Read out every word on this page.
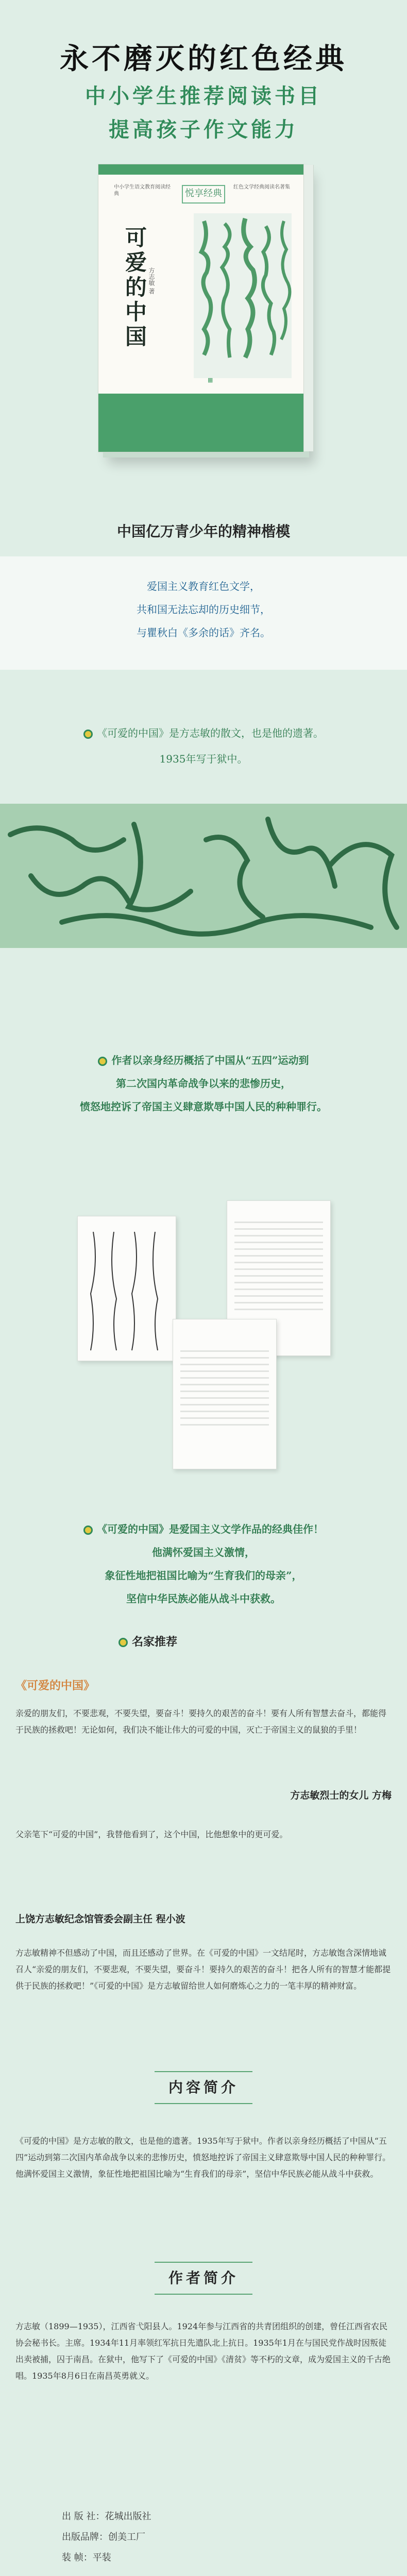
永不磨灭的红色经典
中小学生推荐阅读书目
提高孩子作文能力
中小学生语文教育阅读经典	悦享经典
红色文学经典阅读名著集
可爱的中国 方志敏 著
▦
中国亿万青少年的精神楷模
爱国主义教育红色文学，
共和国无法忘却的历史细节，
与瞿秋白《多余的话》齐名。
《可爱的中国》是方志敏的散文，也是他的遗著。
1935年写于狱中。
作者以亲身经历概括了中国从“五四”运动到
第二次国内革命战争以来的悲惨历史，
愤怒地控诉了帝国主义肆意欺辱中国人民的种种罪行。
《可爱的中国》是爱国主义文学作品的经典佳作！
他满怀爱国主义激情，
象征性地把祖国比喻为“生育我们的母亲”，
坚信中华民族必能从战斗中获救。
名家推荐
《可爱的中国》
亲爱的朋友们，不要悲观，不要失望，要奋斗！要持久的艰苦的奋斗！要有人所有智慧去奋斗，都能得于民族的拯救吧！无论如何，我们决不能让伟大的可爱的中国，灭亡于帝国主义的鼠狼的手里！
方志敏烈士的女儿 方梅
父亲笔下“可爱的中国”，我替他看到了，这个中国，比他想象中的更可爱。
上饶方志敏纪念馆管委会副主任 程小波
方志敏精神不但感动了中国，而且还感动了世界。在《可爱的中国》一文结尾时，方志敏饱含深情地诚召人“亲爱的朋友们，不要悲观，不要失望，要奋斗！要持久的艰苦的奋斗！把各人所有的智慧才能都提供于民族的拯救吧！”《可爱的中国》是方志敏留给世人如何磨炼心之力的一笔丰厚的精神财富。
内容简介
《可爱的中国》是方志敏的散文，也是他的遗著。1935年写于狱中。作者以亲身经历概括了中国从“五四”运动到第二次国内革命战争以来的悲惨历史，愤怒地控诉了帝国主义肆意欺辱中国人民的种种罪行。他满怀爱国主义激情，象征性地把祖国比喻为“生育我们的母亲”，坚信中华民族必能从战斗中获救。
作者简介
方志敏（1899—1935），江西省弋阳县人。1924年参与江西省的共青团组织的创建，曾任江西省农民协会秘书长。主席。1934年11月率领红军抗日先遣队北上抗日。1935年1月在与国民党作战时因叛徒出卖被捕，囚于南昌。在狱中，他写下了《可爱的中国》《清贫》等不朽的文章，成为爱国主义的千古绝唱。1935年8月6日在南昌英勇就义。
出 版 社：花城出版社
出版品牌：创美工厂
装 帧：平装
